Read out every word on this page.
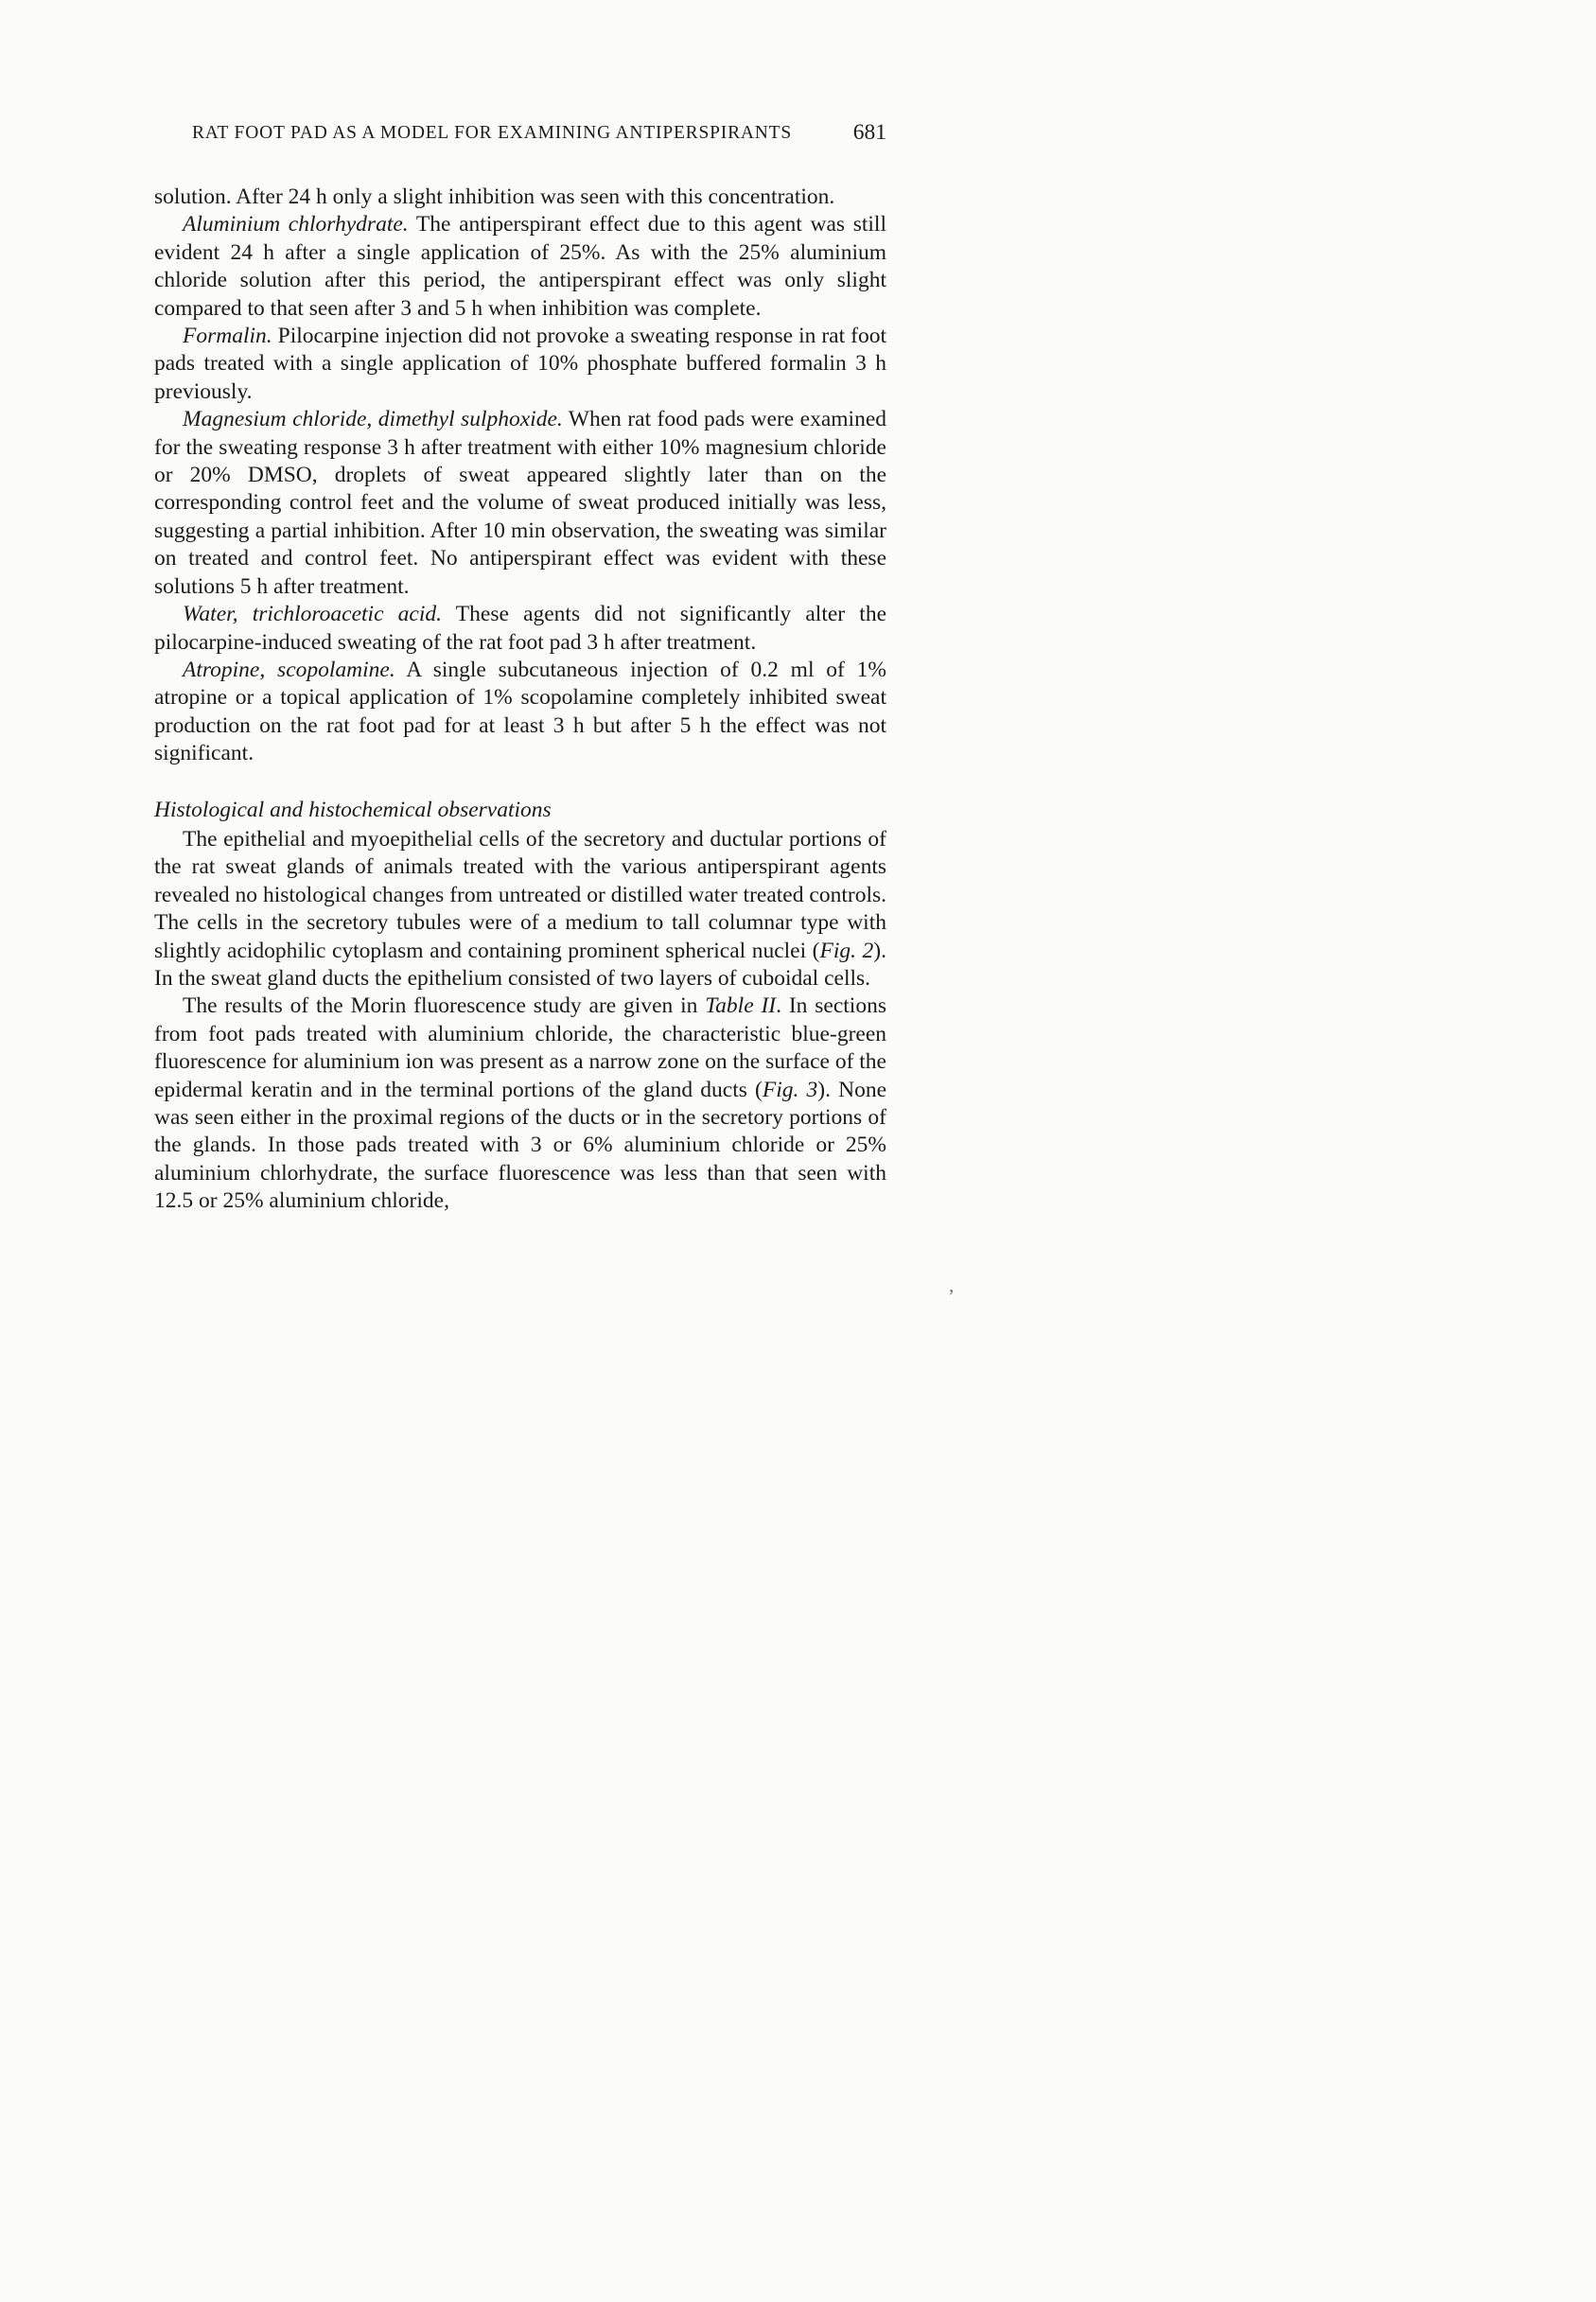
RAT FOOT PAD AS A MODEL FOR EXAMINING ANTIPERSPIRANTS	681

solution. After 24 h only a slight inhibition was seen with this concentration.

Aluminium chlorhydrate. The antiperspirant effect due to this agent was still evident 24 h after a single application of 25%. As with the 25% aluminium chloride solution after this period, the antiperspirant effect was only slight compared to that seen after 3 and 5 h when inhibition was complete.

Formalin. Pilocarpine injection did not provoke a sweating response in rat foot pads treated with a single application of 10% phosphate buffered formalin 3 h previously.

Magnesium chloride, dimethyl sulphoxide. When rat food pads were examined for the sweating response 3 h after treatment with either 10% magnesium chloride or 20% DMSO, droplets of sweat appeared slightly later than on the corresponding control feet and the volume of sweat produced initially was less, suggesting a partial inhibition. After 10 min observation, the sweating was similar on treated and control feet. No antiperspirant effect was evident with these solutions 5 h after treatment.

Water, trichloroacetic acid. These agents did not significantly alter the pilocarpine-induced sweating of the rat foot pad 3 h after treatment.

Atropine, scopolamine. A single subcutaneous injection of 0.2 ml of 1% atropine or a topical application of 1% scopolamine completely inhibited sweat production on the rat foot pad for at least 3 h but after 5 h the effect was not significant.

Histological and histochemical observations

The epithelial and myoepithelial cells of the secretory and ductular portions of the rat sweat glands of animals treated with the various antiperspirant agents revealed no histological changes from untreated or distilled water treated controls. The cells in the secretory tubules were of a medium to tall columnar type with slightly acidophilic cytoplasm and containing prominent spherical nuclei (Fig. 2). In the sweat gland ducts the epithelium consisted of two layers of cuboidal cells.

The results of the Morin fluorescence study are given in Table II. In sections from foot pads treated with aluminium chloride, the characteristic blue-green fluorescence for aluminium ion was present as a narrow zone on the surface of the epidermal keratin and in the terminal portions of the gland ducts (Fig. 3). None was seen either in the proximal regions of the ducts or in the secretory portions of the glands. In those pads treated with 3 or 6% aluminium chloride or 25% aluminium chlorhydrate, the surface fluorescence was less than that seen with 12.5 or 25% aluminium chloride,

’
